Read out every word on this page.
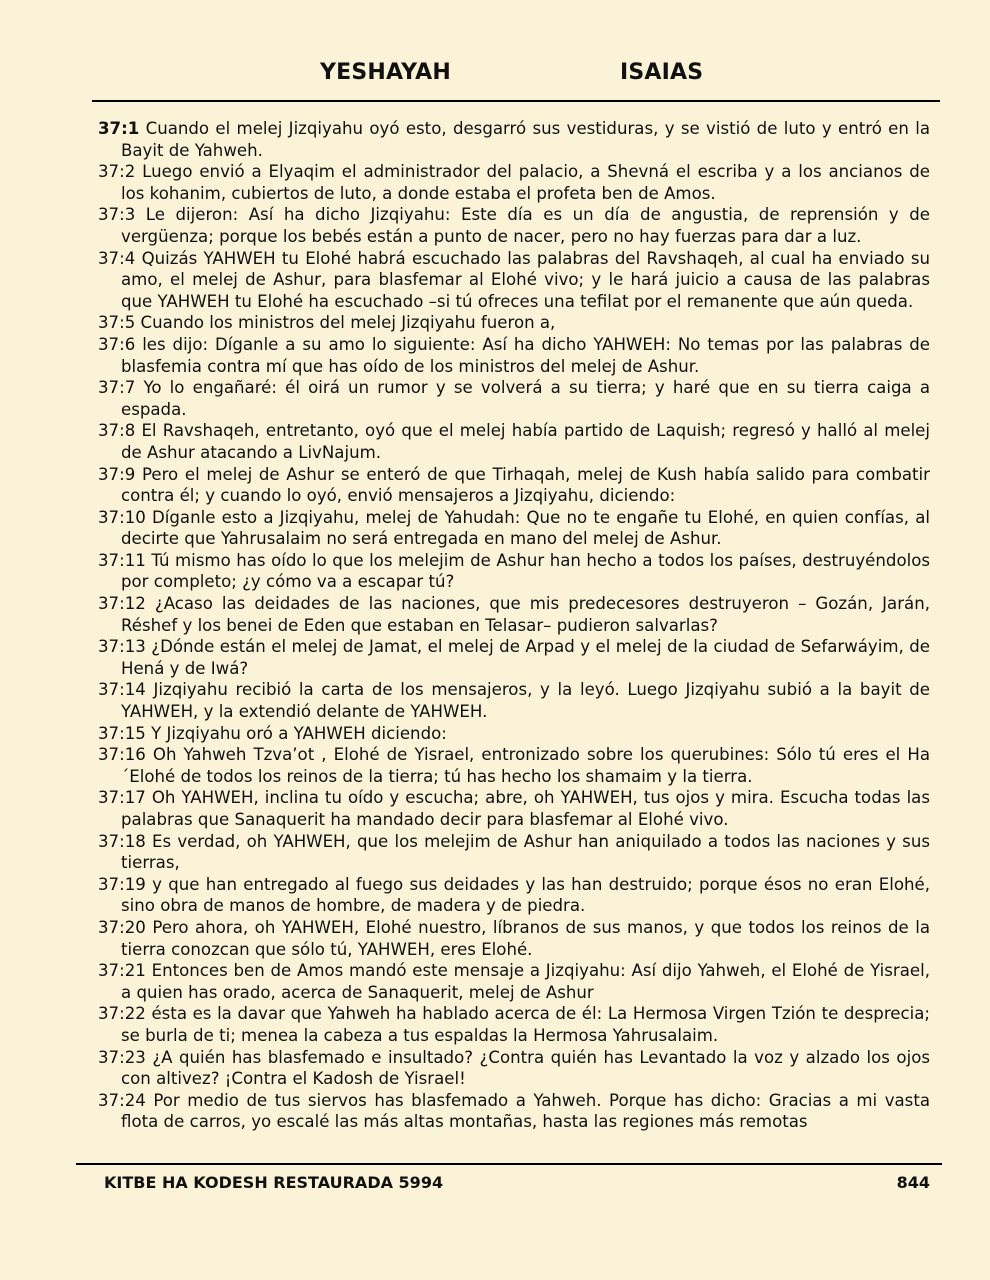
YESHAYAH	ISAIAS

37:1 Cuando el melej Jizqiyahu oyó esto, desgarró sus vestiduras, y se vistió de luto y entró en la Bayit de Yahweh.

37:2 Luego envió a Elyaqim el administrador del palacio, a Shevná el escriba y a los ancianos de los kohanim, cubiertos de luto, a donde estaba el profeta ben de Amos.

37:3 Le dijeron: Así ha dicho Jizqiyahu: Este día es un día de angustia, de reprensión y de vergüenza; porque los bebés están a punto de nacer, pero no hay fuerzas para dar a luz.

37:4 Quizás YAHWEH tu Elohé habrá escuchado las palabras del Ravshaqeh, al cual ha enviado su amo, el melej de Ashur, para blasfemar al Elohé vivo; y le hará juicio a causa de las palabras que YAHWEH tu Elohé ha escuchado –si tú ofreces una tefilat por el remanente que aún queda.

37:5 Cuando los ministros del melej Jizqiyahu fueron a,

37:6 les dijo: Díganle a su amo lo siguiente: Así ha dicho YAHWEH: No temas por las palabras de blasfemia contra mí que has oído de los ministros del melej de Ashur.

37:7 Yo lo engañaré: él oirá un rumor y se volverá a su tierra; y haré que en su tierra caiga a espada.

37:8 El Ravshaqeh, entretanto, oyó que el melej había partido de Laquish; regresó y halló al melej de Ashur atacando a LivNajum.

37:9 Pero el melej de Ashur se enteró de que Tirhaqah, melej de Kush había salido para combatir contra él; y cuando lo oyó, envió mensajeros a Jizqiyahu, diciendo:

37:10 Díganle esto a Jizqiyahu, melej de Yahudah: Que no te engañe tu Elohé, en quien confías, al decirte que Yahrusalaim no será entregada en mano del melej de Ashur.

37:11 Tú mismo has oído lo que los melejim de Ashur han hecho a todos los países, destruyéndolos por completo; ¿y cómo va a escapar tú?

37:12 ¿Acaso las deidades de las naciones, que mis predecesores destruyeron – Gozán, Jarán, Réshef y los benei de Eden que estaban en Telasar– pudieron salvarlas?

37:13 ¿Dónde están el melej de Jamat, el melej de Arpad y el melej de la ciudad de Sefarwáyim, de Hená y de Iwá?

37:14 Jizqiyahu recibió la carta de los mensajeros, y la leyó. Luego Jizqiyahu subió a la bayit de YAHWEH, y la extendió delante de YAHWEH.

37:15 Y Jizqiyahu oró a YAHWEH diciendo:

37:16 Oh Yahweh Tzva’ot , Elohé de Yisrael, entronizado sobre los querubines: Sólo tú eres el Ha´Elohé de todos los reinos de la tierra; tú has hecho los shamaim y la tierra.

37:17 Oh YAHWEH, inclina tu oído y escucha; abre, oh YAHWEH, tus ojos y mira. Escucha todas las palabras que Sanaquerit ha mandado decir para blasfemar al Elohé vivo.

37:18 Es verdad, oh YAHWEH, que los melejim de Ashur han aniquilado a todos las naciones y sus tierras,

37:19 y que han entregado al fuego sus deidades y las han destruido; porque ésos no eran Elohé, sino obra de manos de hombre, de madera y de piedra.

37:20 Pero ahora, oh YAHWEH, Elohé nuestro, líbranos de sus manos, y que todos los reinos de la tierra conozcan que sólo tú, YAHWEH, eres Elohé.

37:21 Entonces ben de Amos mandó este mensaje a Jizqiyahu: Así dijo Yahweh, el Elohé de Yisrael, a quien has orado, acerca de Sanaquerit, melej de Ashur

37:22 ésta es la davar que Yahweh ha hablado acerca de él: La Hermosa Virgen Tzión te desprecia; se burla de ti; menea la cabeza a tus espaldas la Hermosa Yahrusalaim.

37:23 ¿A quién has blasfemado e insultado? ¿Contra quién has Levantado la voz y alzado los ojos con altivez? ¡Contra el Kadosh de Yisrael!

37:24 Por medio de tus siervos has blasfemado a Yahweh. Porque has dicho: Gracias a mi vasta flota de carros, yo escalé las más altas montañas, hasta las regiones más remotas

KITBE HA KODESH RESTAURADA 5994	844
